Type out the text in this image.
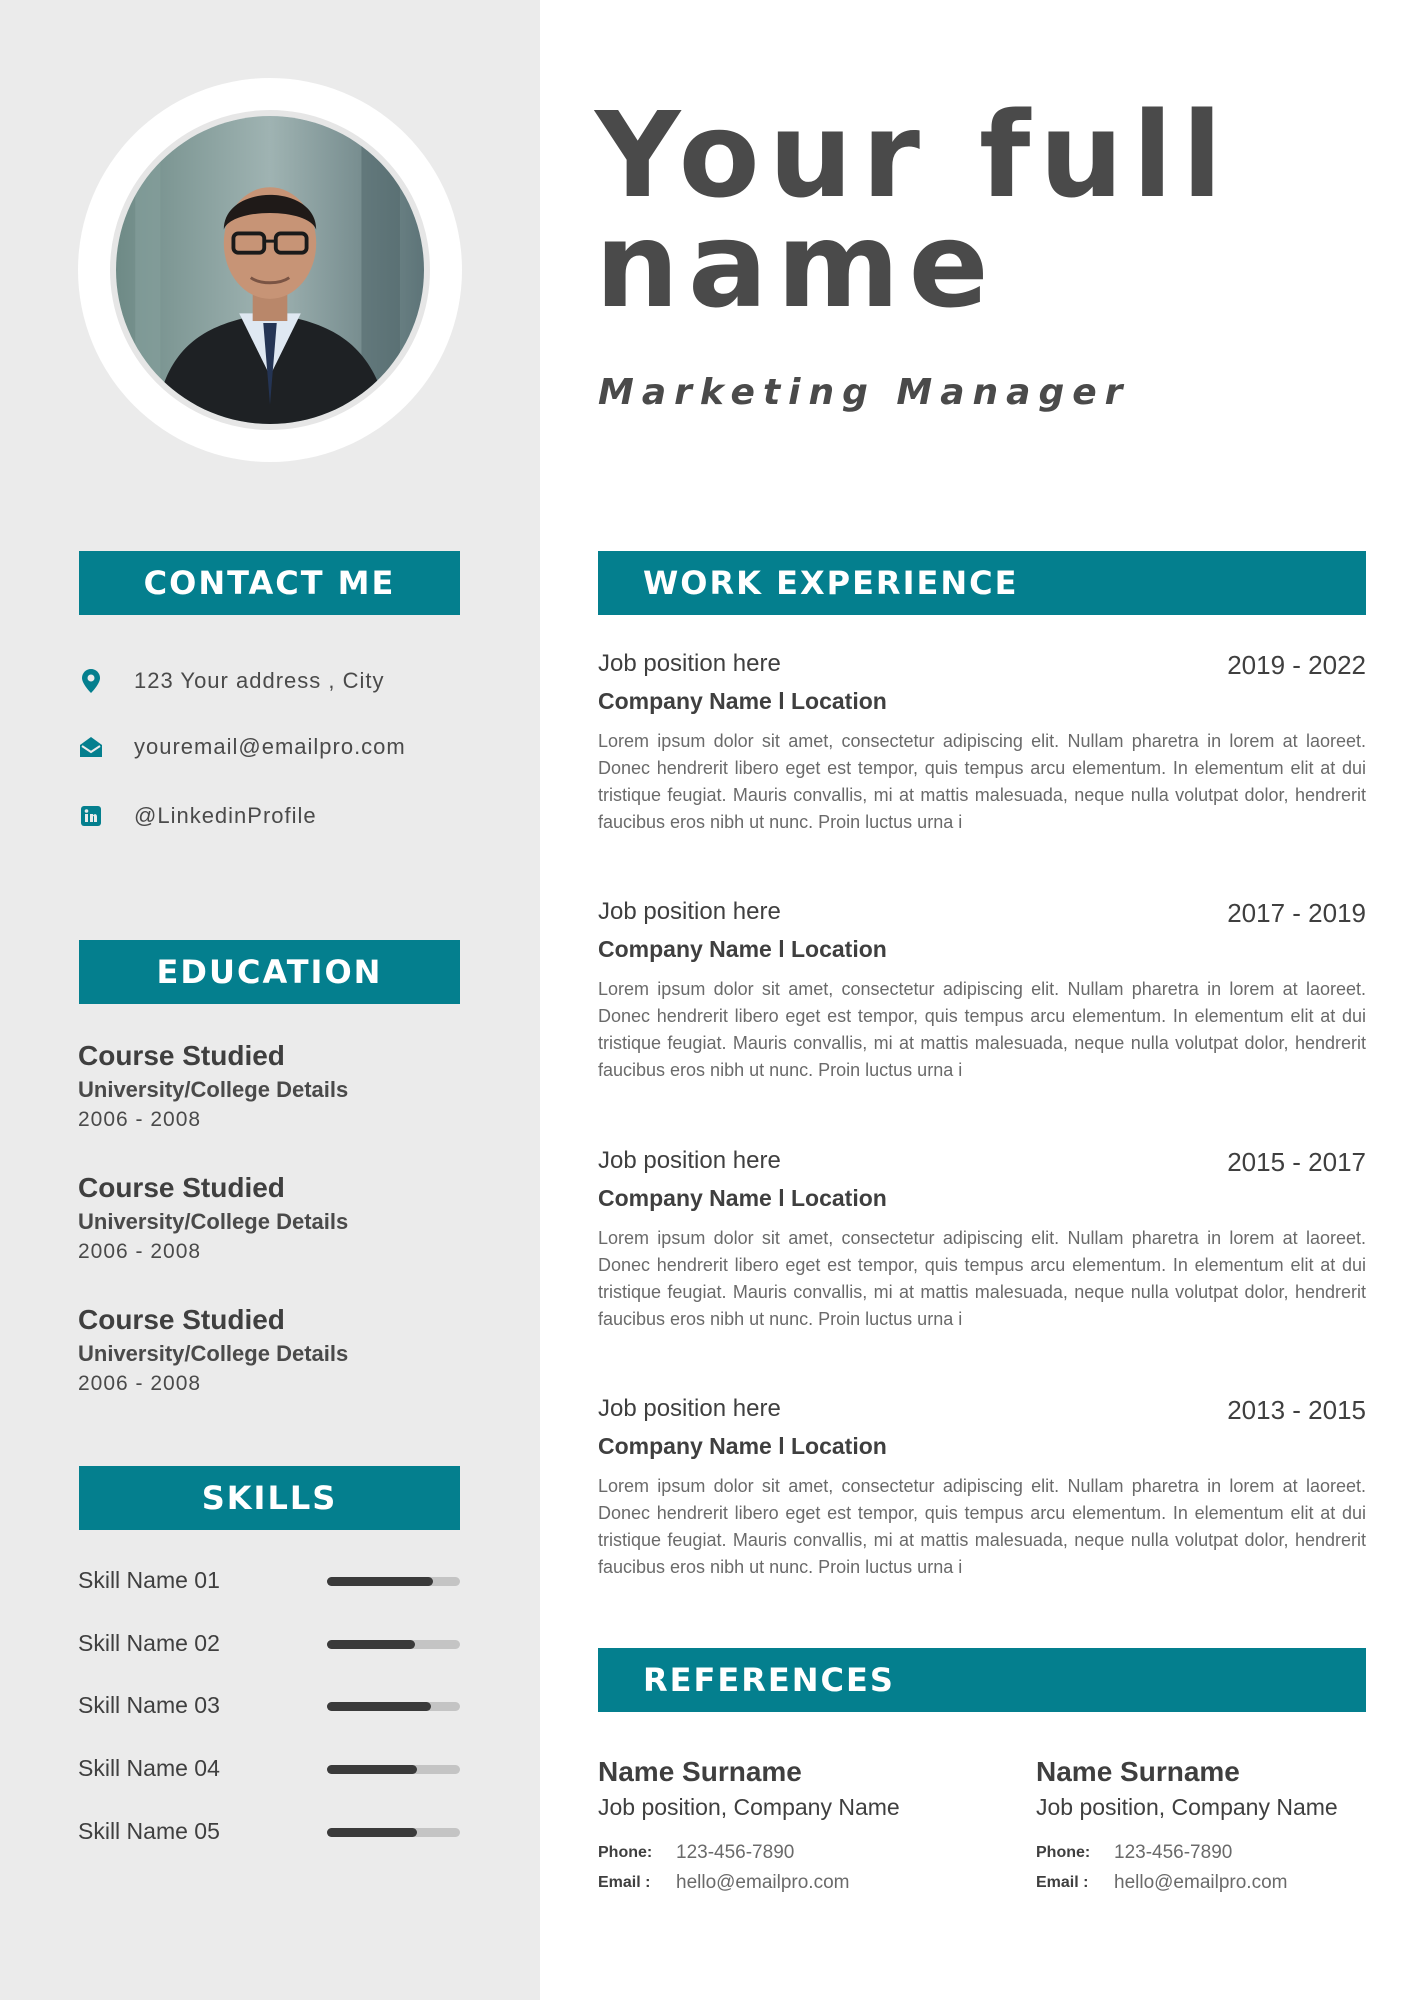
CONTACT ME
123 Your address , City
youremail@emailpro.com
@LinkedinProfile
EDUCATION
Course Studied
University/College Details
2006 - 2008
Course Studied
University/College Details
2006 - 2008
Course Studied
University/College Details
2006 - 2008
SKILLS
Skill Name 01
Skill Name 02
Skill Name 03
Skill Name 04
Skill Name 05
Your full name
Marketing Manager
WORK EXPERIENCE
Job position here	2019 - 2022
Company Name l Location
Lorem ipsum dolor sit amet, consectetur adipiscing elit. Nullam pharetra in lorem at laoreet. Donec hendrerit libero eget est tempor, quis tempus arcu elementum. In elementum elit at dui tristique feugiat. Mauris convallis, mi at mattis malesuada, neque nulla volutpat dolor, hendrerit faucibus eros nibh ut nunc. Proin luctus urna i
Job position here	2017 - 2019
Company Name l Location
Lorem ipsum dolor sit amet, consectetur adipiscing elit. Nullam pharetra in lorem at laoreet. Donec hendrerit libero eget est tempor, quis tempus arcu elementum. In elementum elit at dui tristique feugiat. Mauris convallis, mi at mattis malesuada, neque nulla volutpat dolor, hendrerit faucibus eros nibh ut nunc. Proin luctus urna i
Job position here	2015 - 2017
Company Name l Location
Lorem ipsum dolor sit amet, consectetur adipiscing elit. Nullam pharetra in lorem at laoreet. Donec hendrerit libero eget est tempor, quis tempus arcu elementum. In elementum elit at dui tristique feugiat. Mauris convallis, mi at mattis malesuada, neque nulla volutpat dolor, hendrerit faucibus eros nibh ut nunc. Proin luctus urna i
Job position here	2013 - 2015
Company Name l Location
Lorem ipsum dolor sit amet, consectetur adipiscing elit. Nullam pharetra in lorem at laoreet. Donec hendrerit libero eget est tempor, quis tempus arcu elementum. In elementum elit at dui tristique feugiat. Mauris convallis, mi at mattis malesuada, neque nulla volutpat dolor, hendrerit faucibus eros nibh ut nunc. Proin luctus urna i
REFERENCES
Name Surname
Job position, Company Name
Phone:	123-456-7890
Email :	hello@emailpro.com
Name Surname
Job position, Company Name
Phone:	123-456-7890
Email :	hello@emailpro.com
